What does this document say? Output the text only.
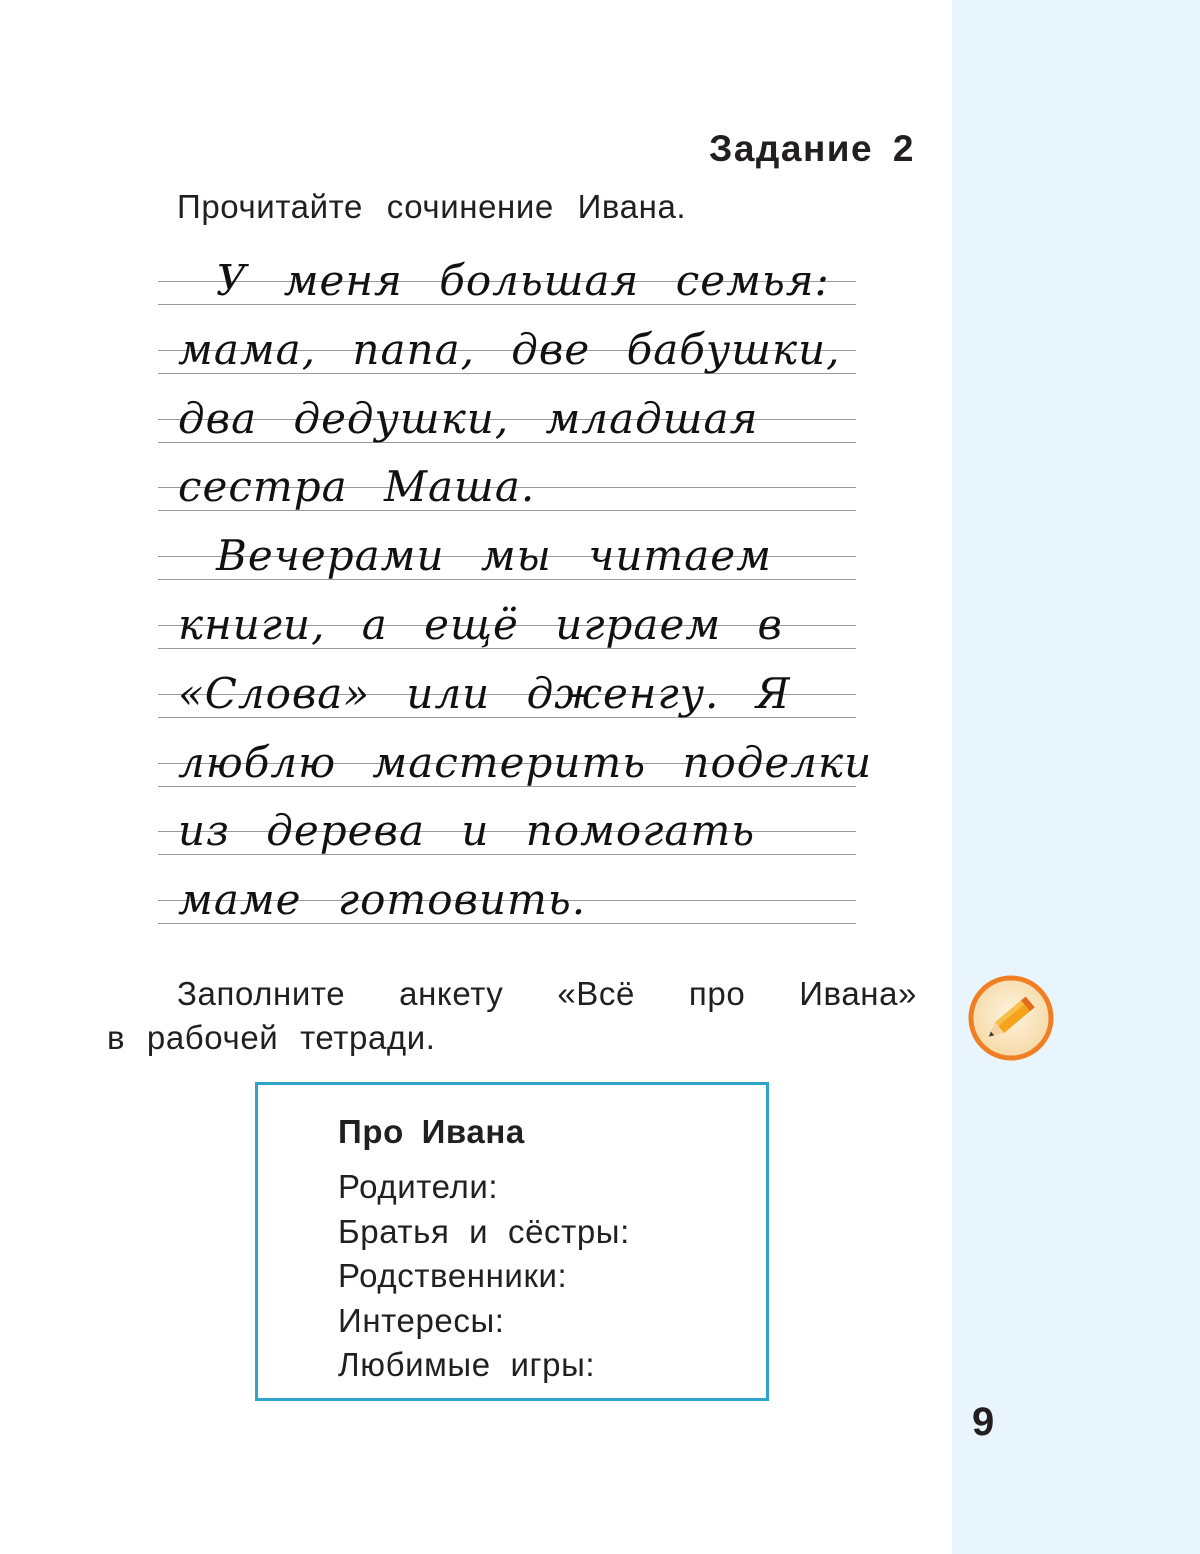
Задание 2
Прочитайте сочинение Ивана.
У меня большая семья:
мама, папа, две бабушки,
два дедушки, младшая
сестра Маша.
Вечерами мы читаем
книги, а ещё играем в
«Слова» или дженгу. Я
люблю мастерить поделки
из дерева и помогать
маме готовить.
Заполните анкету «Всё про Ивана»
в рабочей тетради.
Про Ивана
Родители:
Братья и сёстры:
Родственники:
Интересы:
Любимые игры:
9
